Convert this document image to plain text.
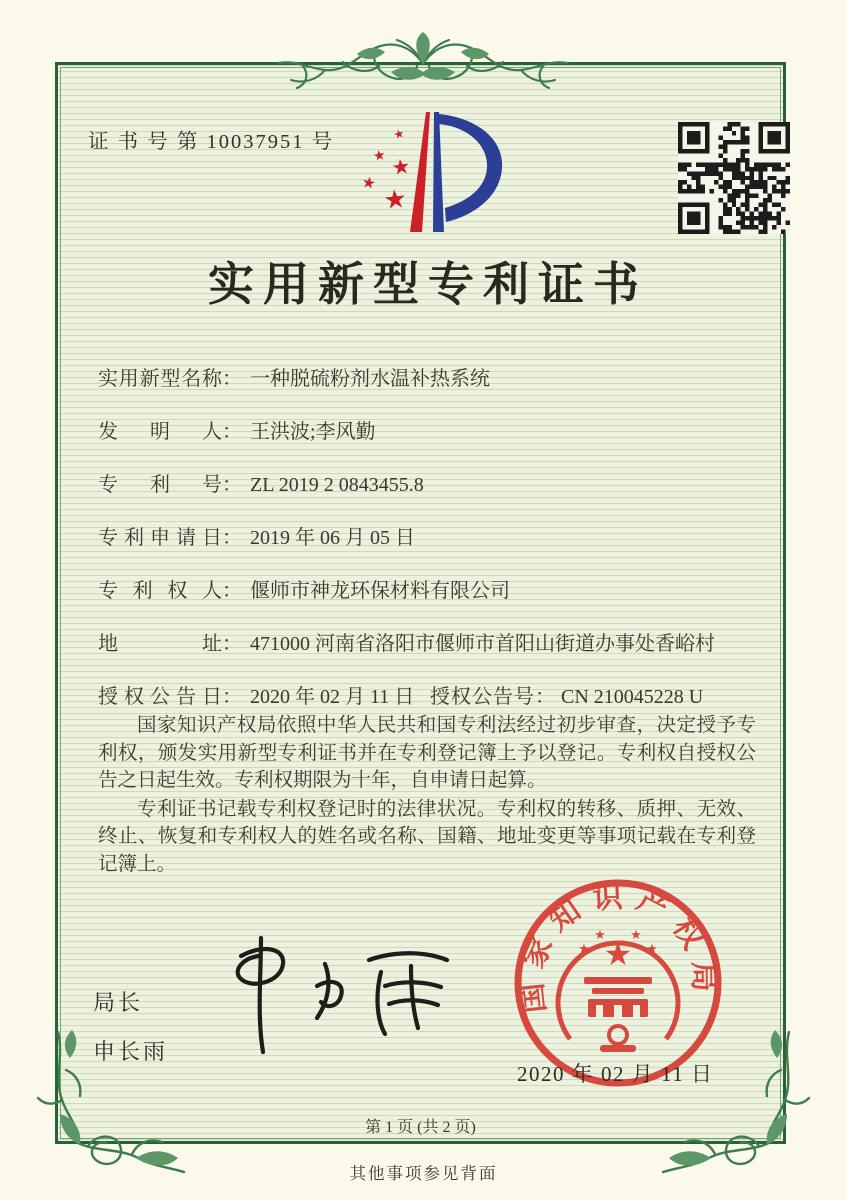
证 书 号 第 10037951 号	★
★ ★
★
★
实用新型专利证书
实用新型名称 ： 一种脱硫粉剂水温补热系统
发明人 ： 王洪波;李风勤
专利号 ： ZL 2019 2 0843455.8
专利申请日 ： 2019 年 06 月 05 日
专利权人 ： 偃师市神龙环保材料有限公司
地址 ： 471000 河南省洛阳市偃师市首阳山街道办事处香峪村
授权公告日 ： 2020 年 02 月 11 日 授权公告号： CN 210045228 U

国家知识产权局依照中华人民共和国专利法经过初步审查，决定授予专利权，颁发实用新型专利证书并在专利登记簿上予以登记。专利权自授权公告之日起生效。专利权期限为十年，自申请日起算。

专利证书记载专利权登记时的法律状况。专利权的转移、质押、无效、终止、恢复和专利权人的姓名或名称、国籍、地址变更等事项记载在专利登记簿上。

局长
申长雨
国家知识产权局
★
★
★ ★
★
2020 年 02 月 11 日
第 1 页 (共 2 页)
其他事项参见背面
